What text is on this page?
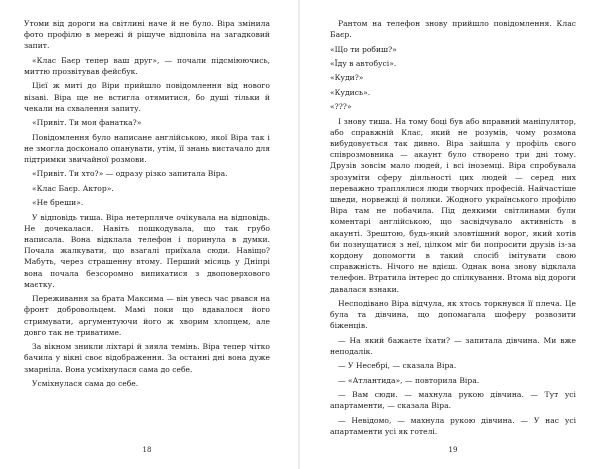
Утоми від дороги на світлині наче й не було. Віра змінила фото профілю в мережі й рішуче відповіла на загадковий запит.

«Клас Баєр тепер ваш друг», — почали підсміюючись, миттю прозвітував фейсбук.

Цієї ж миті до Віри прийшло повідомлення від нового візаві. Віра ще не встигла отямитися, бо душі тільки й чекали на схвалення запиту.

«Привіт. Ти моя фанатка?»

Повідомлення було написане англійською, якої Віра так і не змогла досконало опанувати, утім, її знань вистачало для підтримки звичайної розмови.

«Привіт. Ти хто?» — одразу різко запитала Віра.

«Клас Баєр. Актор».

«Не бреши».

У відповідь тиша. Віра нетерпляче очікувала на відповідь. Не дочекалася. Навіть пошкодувала, що так грубо написала. Вона відклала телефон і поринула в думки. Почала жалкувати, що взагалі приїхала сюди. Навіщо? Мабуть, через страшенну втому. Перший місяць у Дніпрі вона почала безсоромно випихатися з двоповерхового маєтку.

Переживання за брата Максима — він увесь час рвався на фронт добровольцем. Мамі поки що вдавалося його стримувати, аргументуючи його ж хворим хлопцем, але довго так не триватиме.

За вікном зникли ліхтарі й зяяла темінь. Віра тепер чітко бачила у вікні своє відображення. За останні дні вона дуже змарніла. Вона усміхнулася сама до себе.

Усміхнулася сама до себе.

18

Рантом на телефон знову прийшло повідомлення. Клас Баєр.

«Що ти робиш?»

«Їду в автобусі».

«Куди?»

«Кудись».

«???»

І знову тиша. На тому боці був або вправний маніпулятор, або справжній Клас, який не розумів, чому розмова вибудовується так дивно. Віра зайшла у профіль свого співрозмовника — акаунт було створено три дні тому. Друзів зовсім мало людей, і всі іноземці. Віра спробувала зрозуміти сферу діяльності цих людей — серед них переважно траплялися люди творчих професій. Найчастіше шведи, норвежці й поляки. Жодного українського профілю Віра там не побачила. Під деякими світлинами були коментарі англійською, що засвідчувало активність в акаунті. Зрештою, будь-який зловтішний ворог, який хотів би познущатися з неї, цілком міг би попросити друзів із-за кордону допомогти в такий спосіб імітувати свою справжність. Нічого не вдієш. Однак вона знову відклала телефон. Втратила інтерес до спілкування. Втома від дороги давалася взнаки.

Несподівано Віра відчула, як хтось торкнувся її плеча. Це була та дівчина, що допомагала шоферу розвозити біженців.

— На який бажаєте їхати? — запитала дівчина. Ми вже неподалік.

— У Несебрі, — сказала Віра.

— «Атлантида», — повторила Віра.

— Вам сюди. — махнула рукою дівчина. — Тут усі апартаменти, — сказала Віра.

— Невідомо, — махнула рукою дівчина. — У нас усі апартаменти усі як готелі.

19
